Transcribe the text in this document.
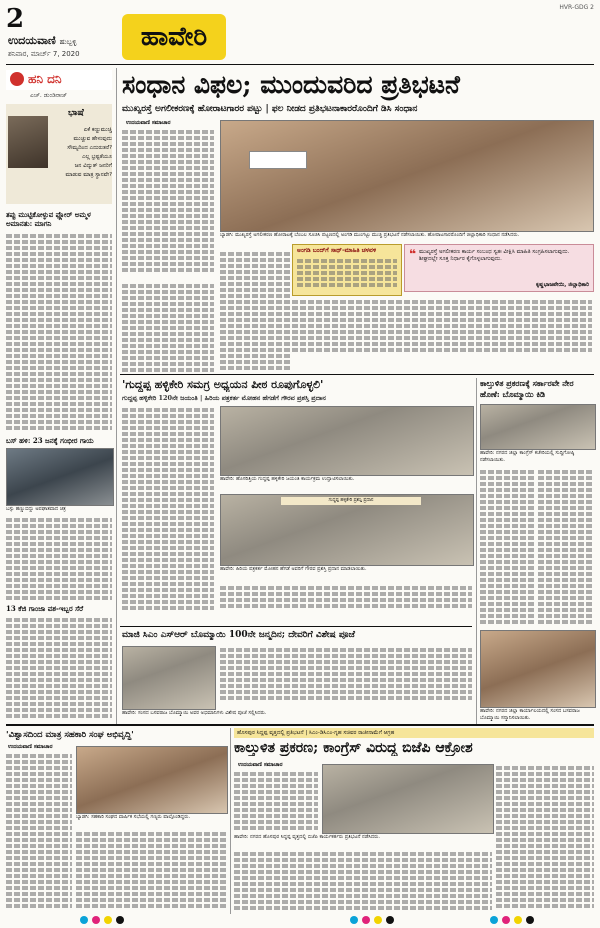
2
ಉದಯವಾಣಿ ಹುಬ್ಬಳ್ಳಿ
ಶನಿವಾರ, ಮಾರ್ಚ್ 7, 2020
ಹಾವೇರಿ
HVR-GDG 2
ಹನಿ ದನಿ
ಎಚ್. ಡುಂಡಿರಾಜ್
ಭಾಷೆ
ಏಕೆ ಕಣ್ಣುಮುಚ್ಚಿ
ಮುಚ್ಚುವ ಹೇಳುವುದು
ಸೌಮ್ಯದಿಂದ ಎದುರುತರೆ?
ಎಲ್ಲ ಭ್ರಷ್ಟತೆಯೂ
ಜನ ವಿದ್ಯುತ್ ಜನರಿಗೆ
ಮಾಡುವ ಮಾತ್ರ ಸ್ಥಾನವೇ?
ತಪ್ಪು ಮುಟ್ಟಿಕೋಳ್ಳುವ ಫ್ಲೋರ್ ಅಮ್ಮಳ ಅಮಾನತು: ಮಾಗನಿ
ಬಸ್ ಹಳಿ: 23 ಜನಕ್ಕೆ ಗಂಭೀರ ಗಾಯ
ಬಸ್ಸು ಹಣ್ಣುಬಿದ್ದು ಅಪಘಾತವಾದ ಚಿತ್ರ
13 ಕೆಜಿ ಗಾಂಜಾ ವಶ-ಇಬ್ಬರ ಸೆರೆ
ಸಂಧಾನ ವಿಫಲ; ಮುಂದುವರಿದ ಪ್ರತಿಭಟನೆ
ಮುಖ್ಯರಸ್ತೆ ಅಗಲೀಕರಣಕ್ಕೆ ಹೋರಾಟಗಾರರ ಪಟ್ಟು | ಫಲ ನೀಡದ ಪ್ರತಿಭಟನಾಕಾರರೊಂದಿಗೆ ಡಿಸಿ ಸಂಧಾನ
ಉದಯವಾಣಿ ಸಮಾಚಾರ
ಬ್ಯಾಡಗಿ: ಮುಖ್ಯರಸ್ತೆ ಅಗಲೀಕರಣ ಹೋರಾಟಕ್ಕೆ ಬೆಂಬಲ ಸೂಚಿಸಿ ಪಟ್ಟಣದಲ್ಲಿ ಅಂಗಡಿ ಮುಂಗಟ್ಟು ಮುಚ್ಚಿ ಪ್ರತಿಭಟನೆ ನಡೆಸಲಾಯಿತು. ಹೋರಾಟಗಾರರೊಂದಿಗೆ ಜಿಲ್ಲಾಧಿಕಾರಿ ಸಂಧಾನ ನಡೆಸಿದರು.
ಅಂಗಡಿ ಬಂದ್‌ಗೆ ಸಾಥ್-ಮಾಹಿತಿ ಚಳವಳಿ	❝ ಮುಖ್ಯರಸ್ತೆ ಅಗಲೀಕರಣ ಕಾರ್ಯ ಸಂಬಂಧ ಸ್ವತಃ ವೀಕ್ಷಿಸಿ ಮಾಹಿತಿ ಸಂಗ್ರಹಿಸಲಾಗುವುದು. ಶೀಘ್ರದಲ್ಲೇ ಸೂಕ್ತ ನಿರ್ಧಾರ ಕೈಗೊಳ್ಳಲಾಗುವುದು.
ಕೃಷ್ಣಭಾಜಪೇಯಿ, ಜಿಲ್ಲಾಧಿಕಾರಿ
'ಗುದ್ದಪ್ಪ ಹಳ್ಳಿಕೇರಿ ಸಮಗ್ರ ಅಧ್ಯಯನ ಪೀಠ ರೂಪುಗೊಳ್ಳಲಿ'
ಗುದ್ದಪ್ಪ ಹಳ್ಳಿಕೇರಿ 120ನೇ ಜಯಂತಿ | ಹಿರಿಯ ಪತ್ರಕರ್ತ ಮೋಹನ ಹೆಗಡೆಗೆ ಗೌರವ ಪ್ರಶಸ್ತಿ ಪ್ರದಾನ
ಹಾವೇರಿ: ಹೊಸರಿತ್ತಿಯ ಗುದ್ದಪ್ಪ ಹಳ್ಳಿಕೇರಿ ಜಯಂತಿ ಕಾರ್ಯಕ್ರಮ ಉದ್ಘಾಟಿಸಲಾಯಿತು.
ಗುದ್ದಪ್ಪ ಹಳ್ಳಿಕೇರಿ ಪ್ರಶಸ್ತಿ ಪ್ರದಾನ
ಹಾವೇರಿ: ಹಿರಿಯ ಪತ್ರಕರ್ತ ಮೋಹನ ಹೆಗಡೆ ಅವರಿಗೆ ಗೌರವ ಪ್ರಶಸ್ತಿ ಪ್ರದಾನ ಮಾಡಲಾಯಿತು.
ಕಾಲ್ತುಳಿತ ಪ್ರಕರಣಕ್ಕೆ ಸರ್ಕಾರವೇ ನೇರ ಹೊಣೆ: ಬೊಮ್ಮಾಯಿ ಕಿಡಿ
ಹಾವೇರಿ: ನಗರದ ಜಿಲ್ಲಾ ಕಾಂಗ್ರೆಸ್ ಕಚೇರಿಯಲ್ಲಿ ಸುದ್ದಿಗೋಷ್ಠಿ ನಡೆಸಲಾಯಿತು.
ಹಾವೇರಿ: ನಗರದ ಜಿಲ್ಲಾ ಕಾರ್ಯಾಲಯದಲ್ಲಿ ಸಂಸದ ಬಸವರಾಜ ಬೊಮ್ಮಾಯಿ ಸನ್ಮಾನಿಸಲಾಯಿತು.
ಮಾಜಿ ಸಿಎಂ ಎಸ್‌ಆರ್ ಬೊಮ್ಮಾಯಿ 100ನೇ ಜನ್ಮದಿನ; ದೇವರಿಗೆ ವಿಶೇಷ ಪೂಜೆ
ಹಾವೇರಿ: ಸಂಸದ ಬಸವರಾಜ ಬೊಮ್ಮಾಯಿ ಅವರ ಅಭಿಮಾನಿಗಳು ವಿಶೇಷ ಪೂಜೆ ಸಲ್ಲಿಸಿದರು.
'ವಿಶ್ವಾಸದಿಂದ ಮಾತ್ರ ಸಹಕಾರಿ ಸಂಘ ಅಭಿವೃದ್ಧಿ'
ಉದಯವಾಣಿ ಸಮಾಚಾರ
ಬ್ಯಾಡಗಿ: ಸಹಕಾರಿ ಸಂಘದ ವಾರ್ಷಿಕ ಸಭೆಯಲ್ಲಿ ಗಣ್ಯರು ಪಾಲ್ಗೊಂಡಿದ್ದರು.
ಹೊಸಪುರ ಸಿದ್ದಪ್ಪ ವೃತ್ತದಲ್ಲಿ ಪ್ರತಿಭಟನೆ | ಸಿಎಂ-ಡಿಸಿಎಂ-ಗೃಹ ಸಚಿವರ ರಾಜೀನಾಮೆಗೆ ಆಗ್ರಹ
ಕಾಲ್ತುಳಿತ ಪ್ರಕರಣ; ಕಾಂಗ್ರೆಸ್ ವಿರುದ್ಧ ಬಿಜೆಪಿ ಆಕ್ರೋಶ
ಉದಯವಾಣಿ ಸಮಾಚಾರ
ಹಾವೇರಿ: ನಗರದ ಹೊಸಪುರ ಸಿದ್ದಪ್ಪ ವೃತ್ತದಲ್ಲಿ ಬಿಜೆಪಿ ಕಾರ್ಯಕರ್ತರು ಪ್ರತಿಭಟನೆ ನಡೆಸಿದರು.
